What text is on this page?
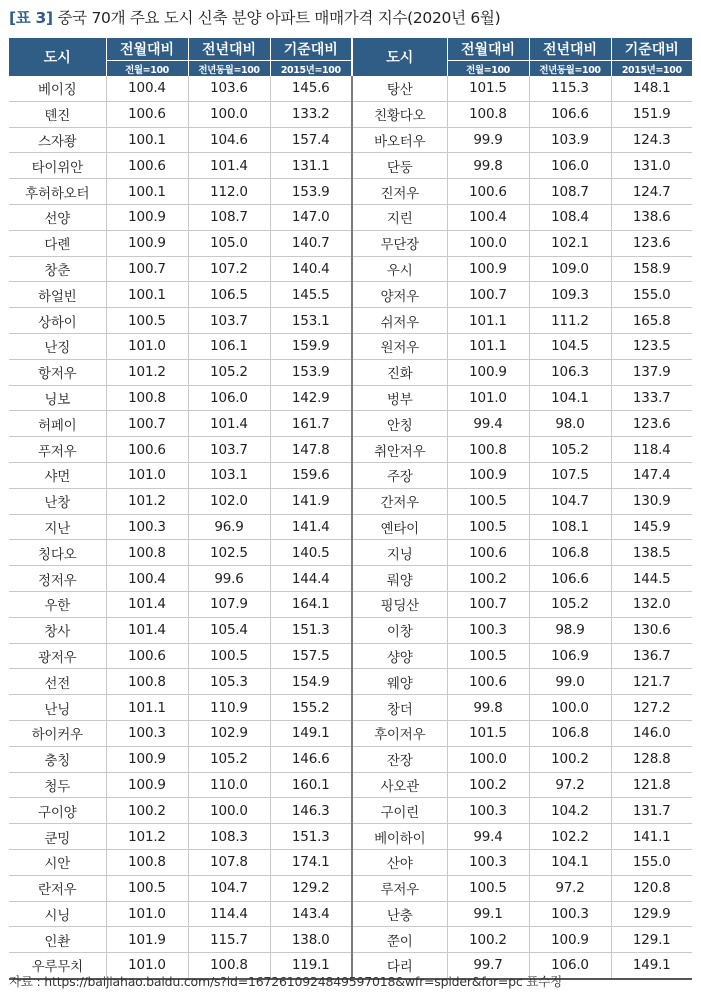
[표 3] 중국 70개 주요 도시 신축 분양 아파트 매매가격 지수(2020년 6월)
도시	전월대비	전년대비	기준대비	도시	전월대비	전년대비	기준대비
	전월=100	전년동월=100	2015년=100		전월=100	전년동월=100	2015년=100
베이징	100.4	103.6	145.6	탕산	101.5	115.3	148.1
톈진	100.6	100.0	133.2	친황다오	100.8	106.6	151.9
스자좡	100.1	104.6	157.4	바오터우	99.9	103.9	124.3
타이위안	100.6	101.4	131.1	단둥	99.8	106.0	131.0
후허하오터	100.1	112.0	153.9	진저우	100.6	108.7	124.7
선양	100.9	108.7	147.0	지린	100.4	108.4	138.6
다롄	100.9	105.0	140.7	무단장	100.0	102.1	123.6
창춘	100.7	107.2	140.4	우시	100.9	109.0	158.9
하얼빈	100.1	106.5	145.5	양저우	100.7	109.3	155.0
상하이	100.5	103.7	153.1	쉬저우	101.1	111.2	165.8
난징	101.0	106.1	159.9	원저우	101.1	104.5	123.5
항저우	101.2	105.2	153.9	진화	100.9	106.3	137.9
닝보	100.8	106.0	142.9	벙부	101.0	104.1	133.7
허페이	100.7	101.4	161.7	안칭	99.4	98.0	123.6
푸저우	100.6	103.7	147.8	취안저우	100.8	105.2	118.4
샤먼	101.0	103.1	159.6	주장	100.9	107.5	147.4
난창	101.2	102.0	141.9	간저우	100.5	104.7	130.9
지난	100.3	96.9	141.4	옌타이	100.5	108.1	145.9
칭다오	100.8	102.5	140.5	지닝	100.6	106.8	138.5
정저우	100.4	99.6	144.4	뤄양	100.2	106.6	144.5
우한	101.4	107.9	164.1	핑딩산	100.7	105.2	132.0
창사	101.4	105.4	151.3	이창	100.3	98.9	130.6
광저우	100.6	100.5	157.5	샹양	100.5	106.9	136.7
선전	100.8	105.3	154.9	웨양	100.6	99.0	121.7
난닝	101.1	110.9	155.2	창더	99.8	100.0	127.2
하이커우	100.3	102.9	149.1	후이저우	101.5	106.8	146.0
충칭	100.9	105.2	146.6	잔장	100.0	100.2	128.8
청두	100.9	110.0	160.1	사오관	100.2	97.2	121.8
구이양	100.2	100.0	146.3	구이린	100.3	104.2	131.7
쿤밍	101.2	108.3	151.3	베이하이	99.4	102.2	141.1
시안	100.8	107.8	174.1	산야	100.3	104.1	155.0
란저우	100.5	104.7	129.2	루저우	100.5	97.2	120.8
시닝	101.0	114.4	143.4	난충	99.1	100.3	129.9
인촨	101.9	115.7	138.0	쭌이	100.2	100.9	129.1
우루무치	101.0	100.8	119.1	다리	99.7	106.0	149.1
자료 : https://baijiahao.baidu.com/s?id=1672610924849597018&wfr=spider&for=pc 표수정
